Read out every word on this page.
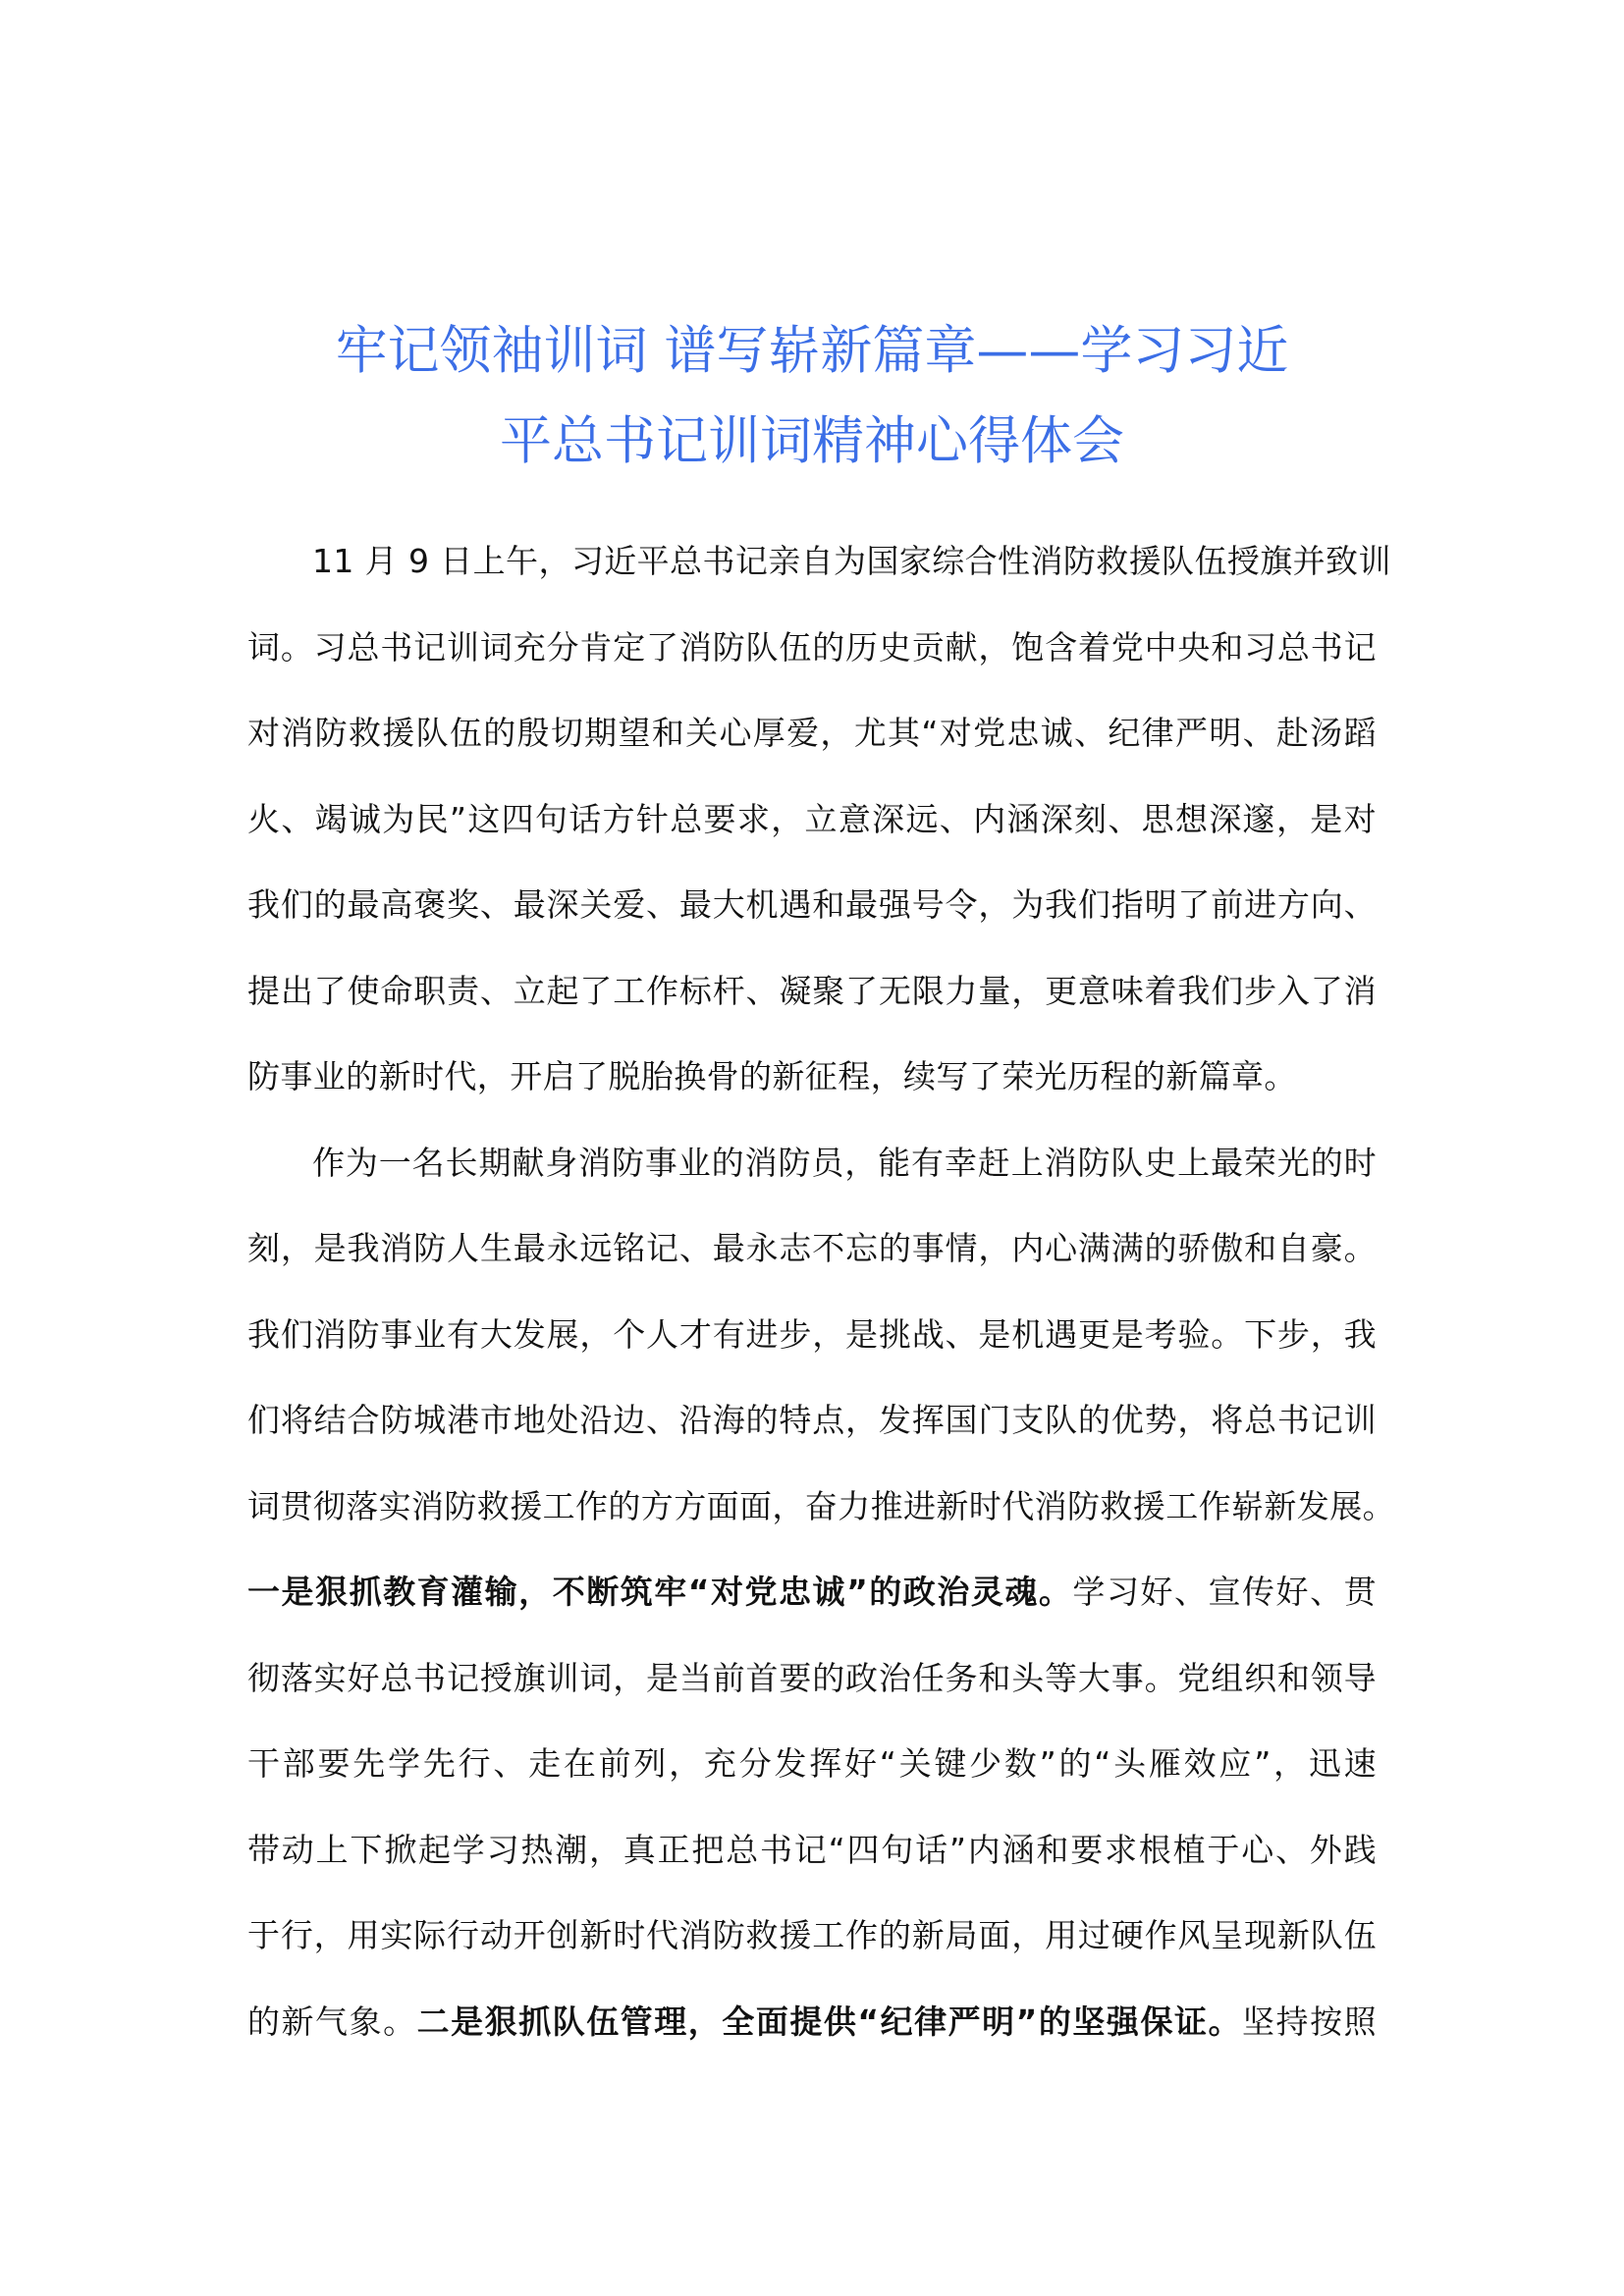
牢记领袖训词 谱写崭新篇章——学习习近
平总书记训词精神心得体会
11 月 9 日上午，习近平总书记亲自为国家综合性消防救援队伍授旗并致训
词。习总书记训词充分肯定了消防队伍的历史贡献，饱含着党中央和习总书记
对消防救援队伍的殷切期望和关心厚爱，尤其“对党忠诚、纪律严明、赴汤蹈
火、竭诚为民”这四句话方针总要求，立意深远、内涵深刻、思想深邃，是对
我们的最高褒奖、最深关爱、最大机遇和最强号令，为我们指明了前进方向、
提出了使命职责、立起了工作标杆、凝聚了无限力量，更意味着我们步入了消
防事业的新时代，开启了脱胎换骨的新征程，续写了荣光历程的新篇章。
作为一名长期献身消防事业的消防员，能有幸赶上消防队史上最荣光的时
刻，是我消防人生最永远铭记、最永志不忘的事情，内心满满的骄傲和自豪。
我们消防事业有大发展，个人才有进步，是挑战、是机遇更是考验。下步，我
们将结合防城港市地处沿边、沿海的特点，发挥国门支队的优势，将总书记训
词贯彻落实消防救援工作的方方面面，奋力推进新时代消防救援工作崭新发展。
一是狠抓教育灌输，不断筑牢“对党忠诚”的政治灵魂。学习好、宣传好、贯
彻落实好总书记授旗训词，是当前首要的政治任务和头等大事。党组织和领导
干部要先学先行、走在前列，充分发挥好“关键少数”的“头雁效应”，迅速
带动上下掀起学习热潮，真正把总书记“四句话”内涵和要求根植于心、外践
于行，用实际行动开创新时代消防救援工作的新局面，用过硬作风呈现新队伍
的新气象。二是狠抓队伍管理，全面提供“纪律严明”的坚强保证。坚持按照
